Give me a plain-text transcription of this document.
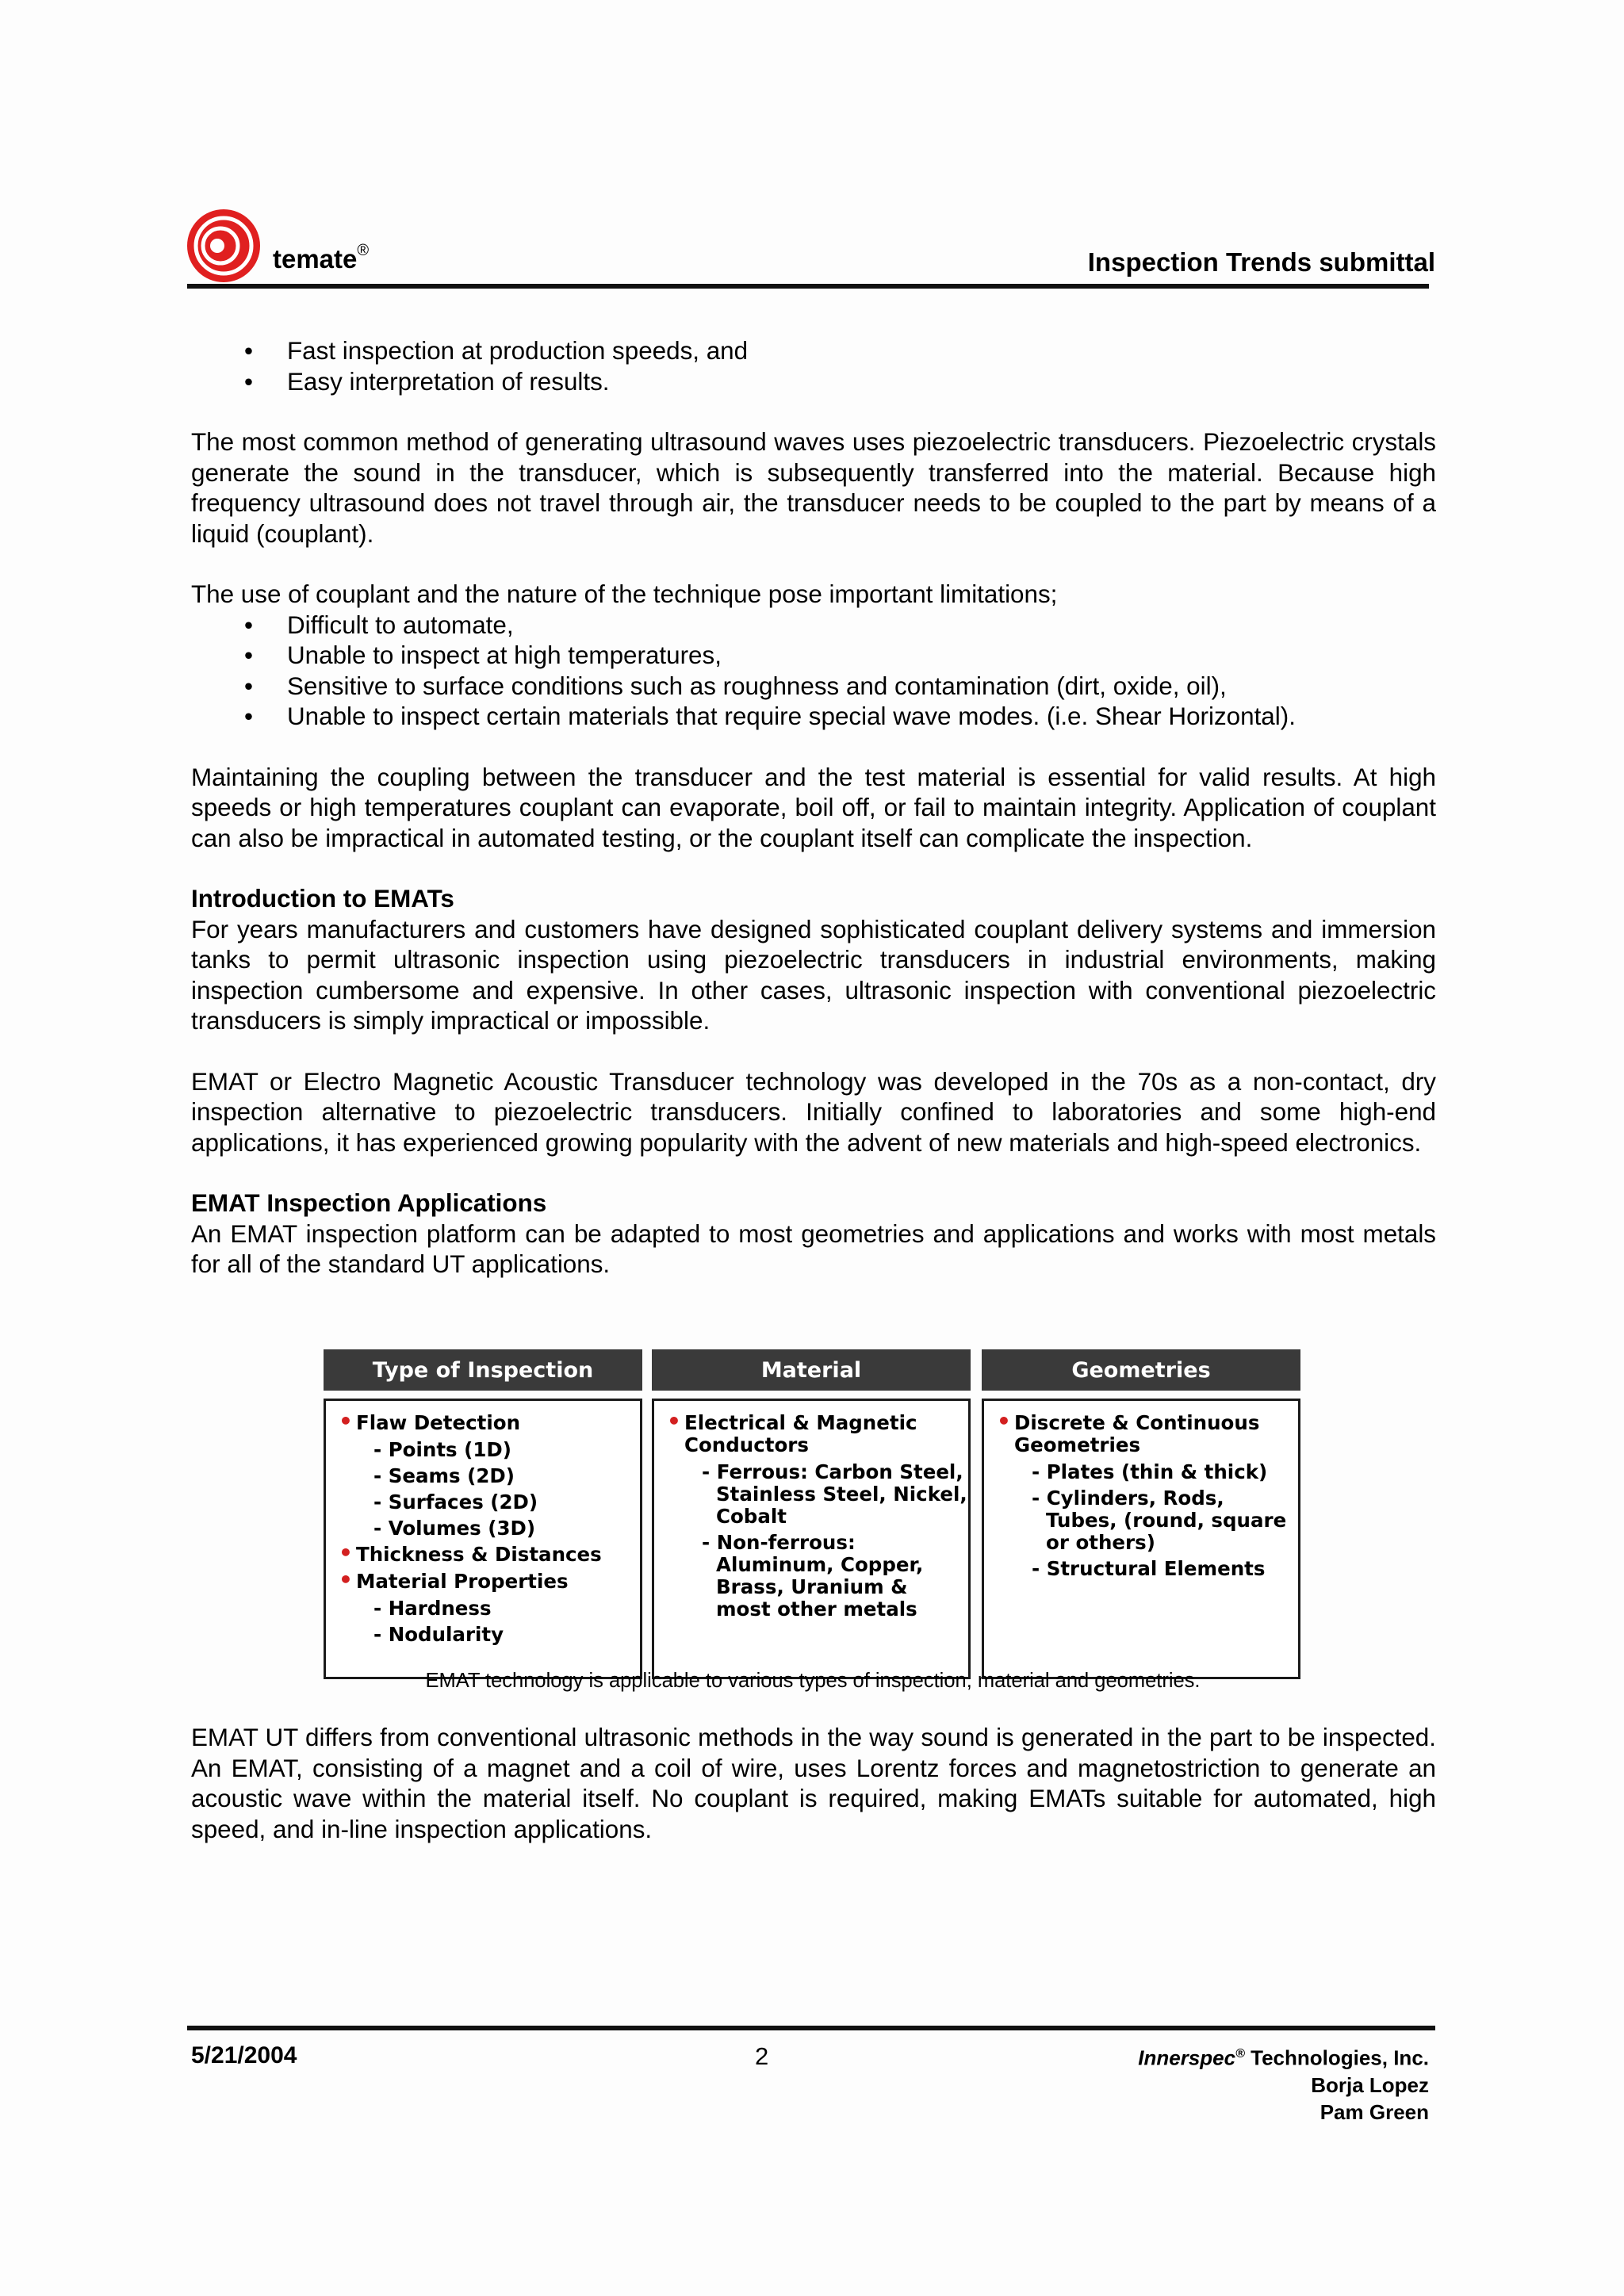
temate®	Inspection Trends submittal
• Fast inspection at production speeds, and
• Easy interpretation of results.

The most common method of generating ultrasound waves uses piezoelectric transducers. Piezoelectric crystals generate the sound in the transducer, which is subsequently transferred into the material. Because high frequency ultrasound does not travel through air, the transducer needs to be coupled to the part by means of a liquid (couplant).

The use of couplant and the nature of the technique pose important limitations;

• Difficult to automate,
• Unable to inspect at high temperatures,
• Sensitive to surface conditions such as roughness and contamination (dirt, oxide, oil),
• Unable to inspect certain materials that require special wave modes. (i.e. Shear Horizontal).

Maintaining the coupling between the transducer and the test material is essential for valid results. At high speeds or high temperatures couplant can evaporate, boil off, or fail to maintain integrity. Application of couplant can also be impractical in automated testing, or the couplant itself can complicate the inspection.

Introduction to EMATs

For years manufacturers and customers have designed sophisticated couplant delivery systems and immersion tanks to permit ultrasonic inspection using piezoelectric transducers in industrial environments, making inspection cumbersome and expensive. In other cases, ultrasonic inspection with conventional piezoelectric transducers is simply impractical or impossible.

EMAT or Electro Magnetic Acoustic Transducer technology was developed in the 70s as a non-contact, dry inspection alternative to piezoelectric transducers. Initially confined to laboratories and some high-end applications, it has experienced growing popularity with the advent of new materials and high-speed electronics.

EMAT Inspection Applications

An EMAT inspection platform can be adapted to most geometries and applications and works with most metals for all of the standard UT applications.

Type of Inspection
• Flaw Detection
- Points (1D)
- Seams (2D)
- Surfaces (2D)
- Volumes (3D)
• Thickness & Distances
• Material Properties
- Hardness
- Nodularity
Material
• Electrical & Magnetic Conductors
- Ferrous: Carbon Steel, Stainless Steel, Nickel, Cobalt
- Non-ferrous: Aluminum, Copper, Brass, Uranium & most other metals
Geometries
• Discrete & Continuous Geometries
- Plates (thin & thick)
- Cylinders, Rods, Tubes, (round, square or others)
- Structural Elements
EMAT technology is applicable to various types of inspection, material and geometries.

EMAT UT differs from conventional ultrasonic methods in the way sound is generated in the part to be inspected. An EMAT, consisting of a magnet and a coil of wire, uses Lorentz forces and magnetostriction to generate an acoustic wave within the material itself. No couplant is required, making EMATs suitable for automated, high speed, and in-line inspection applications.

5/21/2004	2	Innerspec® Technologies, Inc.
Borja Lopez
Pam Green
